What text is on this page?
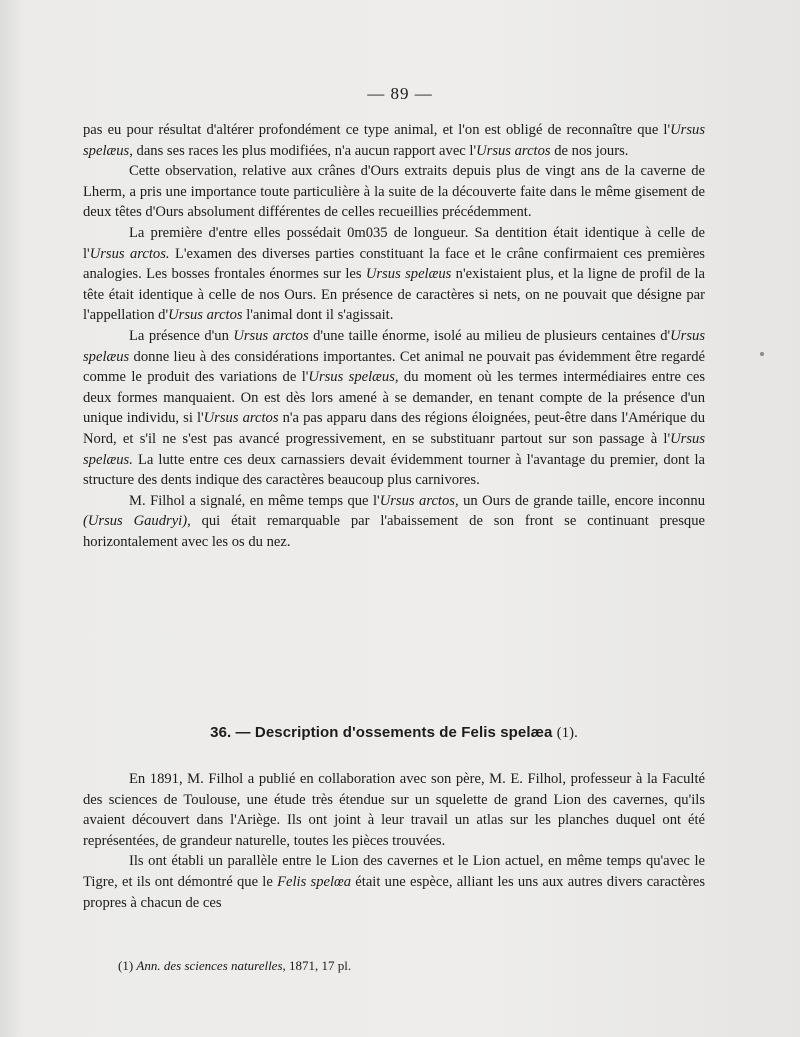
— 89 —

pas eu pour résultat d'altérer profondément ce type animal, et l'on est obligé de reconnaître que l'Ursus spelæus, dans ses races les plus modifiées, n'a aucun rapport avec l'Ursus arctos de nos jours.

Cette observation, relative aux crânes d'Ours extraits depuis plus de vingt ans de la caverne de Lherm, a pris une importance toute particulière à la suite de la découverte faite dans le même gisement de deux têtes d'Ours absolument différentes de celles recueillies précédemment.

La première d'entre elles possédait 0m035 de longueur. Sa dentition était identique à celle de l'Ursus arctos. L'examen des diverses parties constituant la face et le crâne confirmaient ces premières analogies. Les bosses frontales énormes sur les Ursus spelæus n'existaient plus, et la ligne de profil de la tête était identique à celle de nos Ours. En présence de caractères si nets, on ne pouvait que désigne par l'appellation d'Ursus arctos l'animal dont il s'agissait.

La présence d'un Ursus arctos d'une taille énorme, isolé au milieu de plusieurs centaines d'Ursus spelæus donne lieu à des considérations importantes. Cet animal ne pouvait pas évidemment être regardé comme le produit des variations de l'Ursus spelæus, du moment où les termes intermédiaires entre ces deux formes manquaient. On est dès lors amené à se demander, en tenant compte de la présence d'un unique individu, si l'Ursus arctos n'a pas apparu dans des régions éloignées, peut-être dans l'Amérique du Nord, et s'il ne s'est pas avancé progressivement, en se substituanr partout sur son passage à l'Ursus spelæus. La lutte entre ces deux carnassiers devait évidemment tourner à l'avantage du premier, dont la structure des dents indique des caractères beaucoup plus carnivores.

M. Filhol a signalé, en même temps que l'Ursus arctos, un Ours de grande taille, encore inconnu (Ursus Gaudryi), qui était remarquable par l'abaissement de son front se continuant presque horizontalement avec les os du nez.

36. — Description d'ossements de Felis spelæa (1).

En 1891, M. Filhol a publié en collaboration avec son père, M. E. Filhol, professeur à la Faculté des sciences de Toulouse, une étude très étendue sur un squelette de grand Lion des cavernes, qu'ils avaient découvert dans l'Ariège. Ils ont joint à leur travail un atlas sur les planches duquel ont été représentées, de grandeur naturelle, toutes les pièces trouvées.

Ils ont établi un parallèle entre le Lion des cavernes et le Lion actuel, en même temps qu'avec le Tigre, et ils ont démontré que le Felis spelœa était une espèce, alliant les uns aux autres divers caractères propres à chacun de ces

(1) Ann. des sciences naturelles, 1871, 17 pl.
